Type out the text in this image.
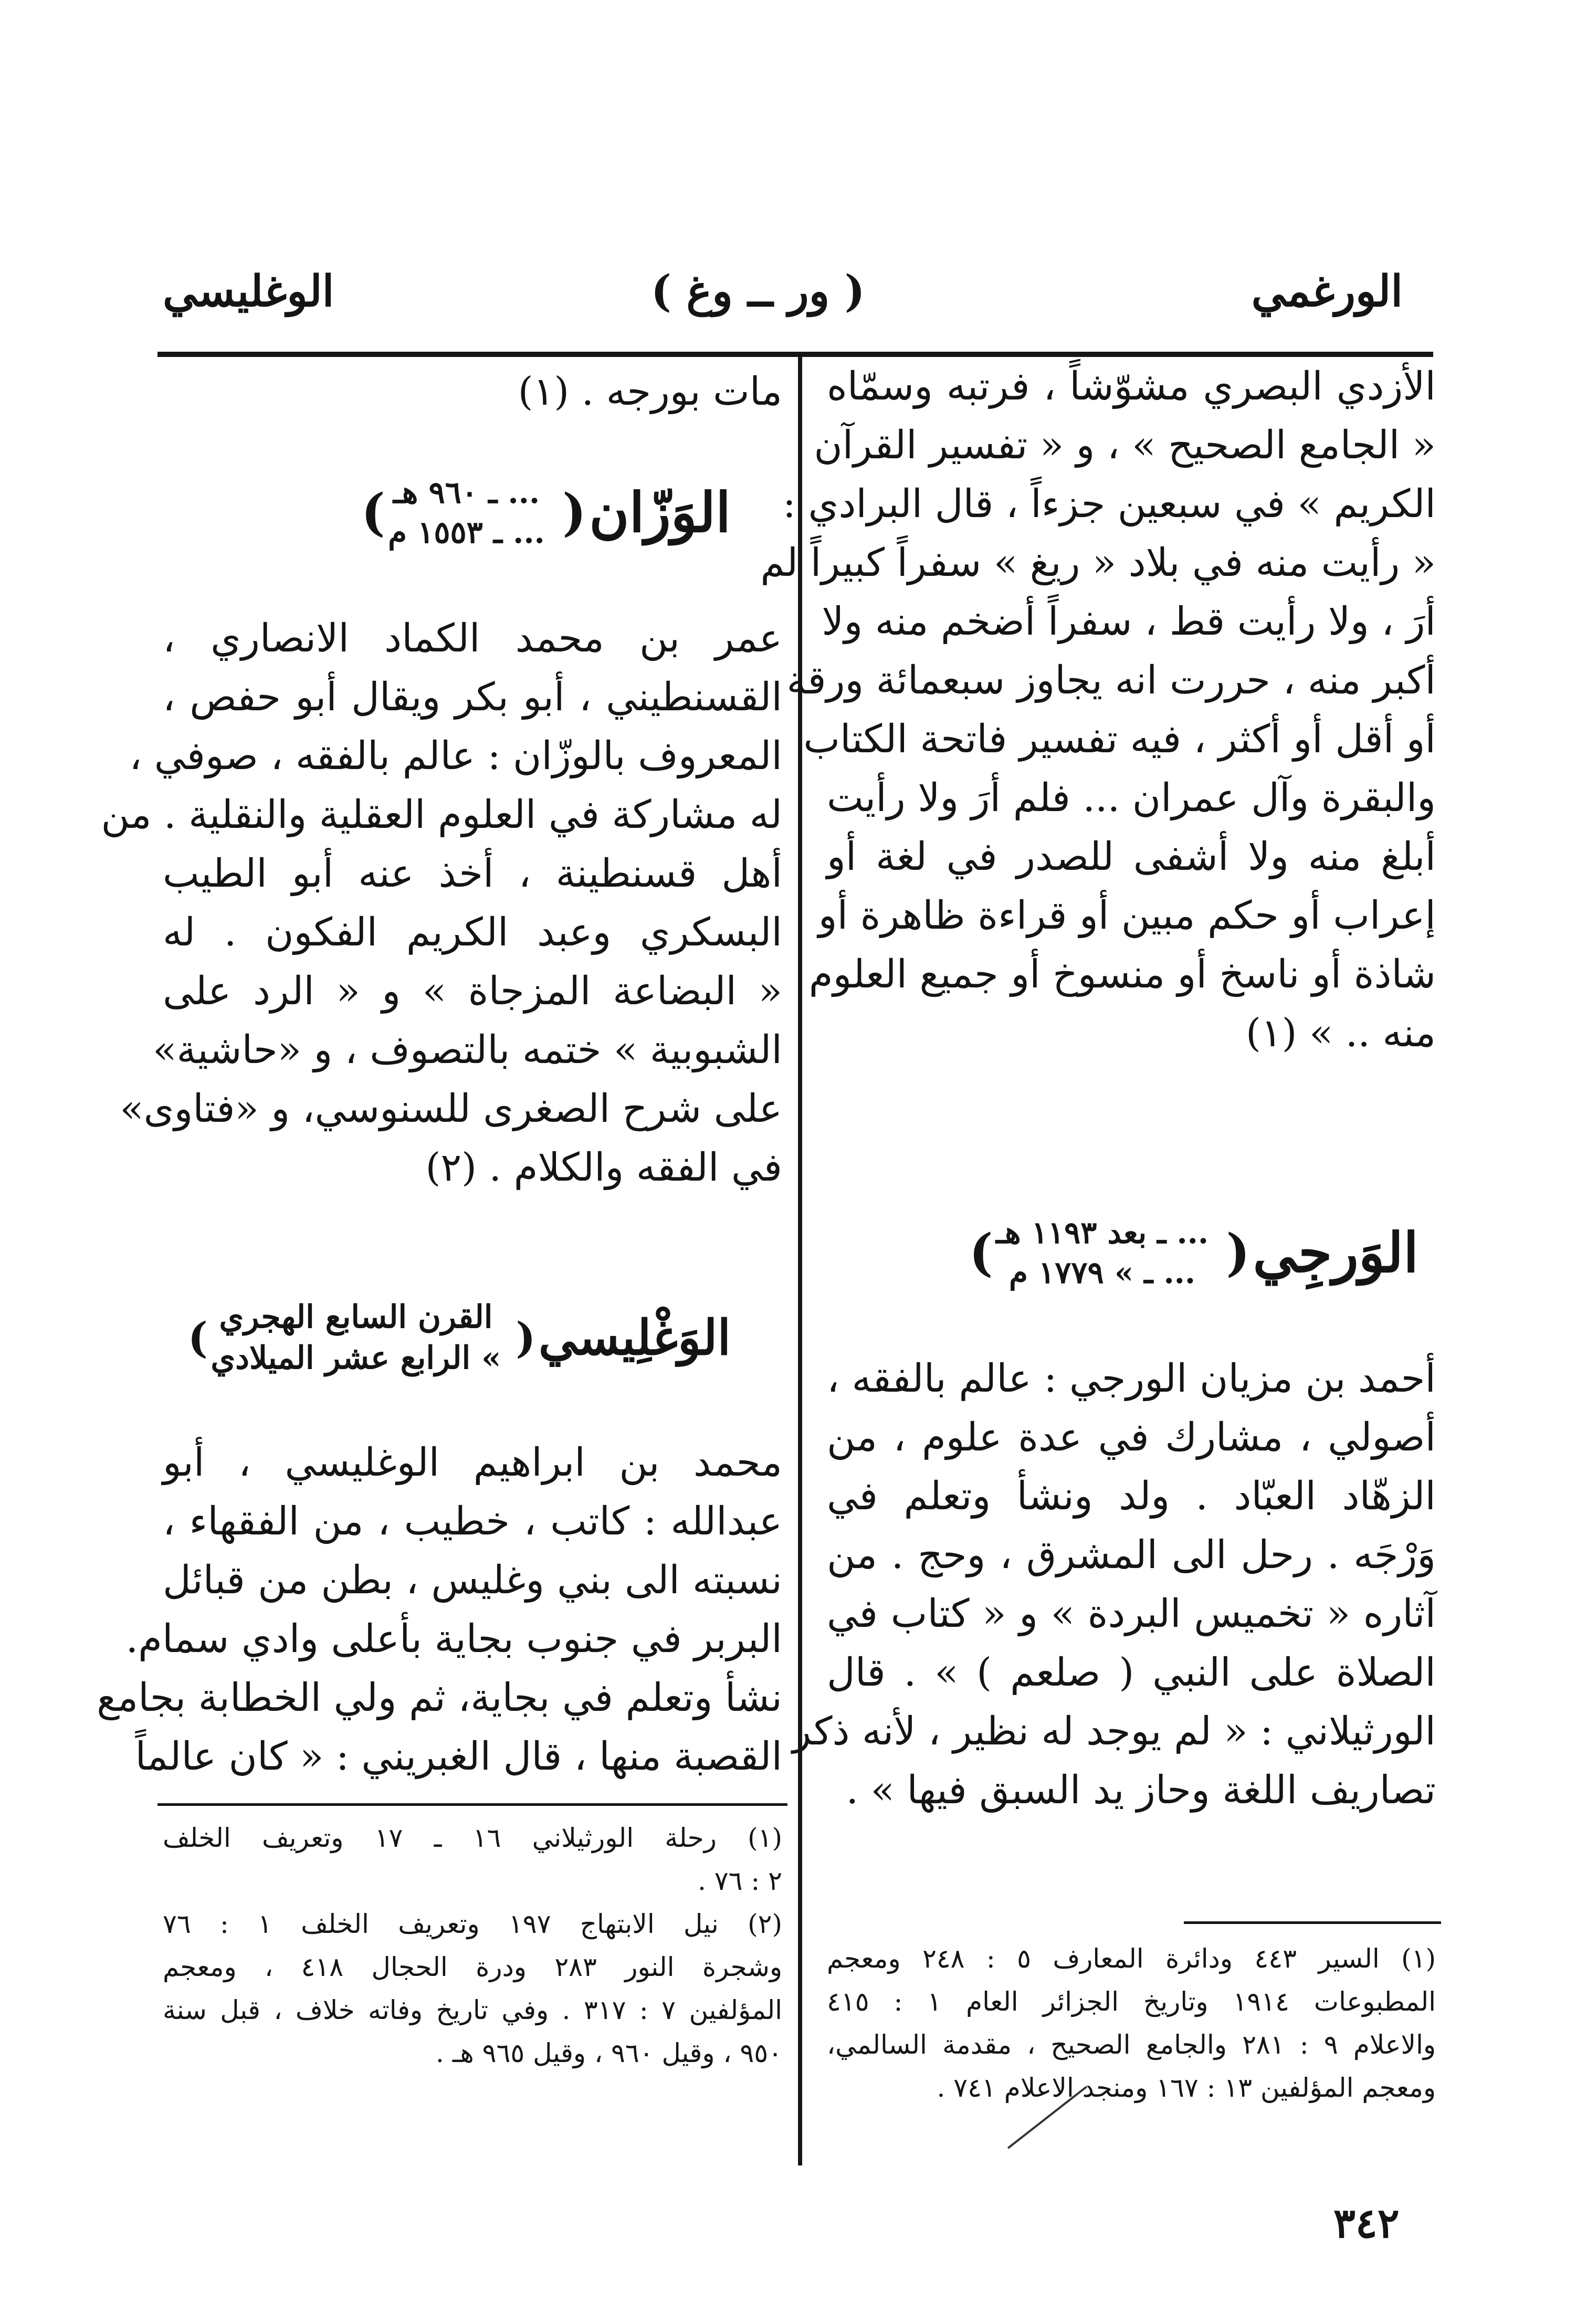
الورغمي
( ور ــ وغ )
الوغليسي
الأزدي البصري مشوّشاً ، فرتبه وسمّاه
« الجامع الصحيح » ، و « تفسير القرآن
الكريم » في سبعين جزءاً ، قال البرادي :
« رأيت منه في بلاد « ريغ » سفراً كبيراً لم
أرَ ، ولا رأيت قط ، سفراً أضخم منه ولا
أكبر منه ، حررت انه يجاوز سبعمائة ورقة
أو أقل أو أكثر ، فيه تفسير فاتحة الكتاب
والبقرة وآل عمران ... فلم أرَ ولا رأيت
أبلغ منه ولا أشفى للصدر في لغة أو
إعراب أو حكم مبين أو قراءة ظاهرة أو
شاذة أو ناسخ أو منسوخ أو جميع العلوم
منه .. » (١)
الوَرجِي (
... ـ بعد ١١٩٣ هـ
... ـ » ١٧٧٩ م
)
أحمد بن مزيان الورجي : عالم بالفقه ،
أصولي ، مشارك في عدة علوم ، من
الزهّاد العبّاد . ولد ونشأ وتعلم في
وَرْجَه . رحل الى المشرق ، وحج . من
آثاره « تخميس البردة » و « كتاب في
الصلاة على النبي ( صلعم ) » . قال
الورثيلاني : « لم يوجد له نظير ، لأنه ذكر
تصاريف اللغة وحاز يد السبق فيها » .
(١) السير ٤٤٣ ودائرة المعارف ٥ : ٢٤٨ ومعجم
المطبوعات ١٩١٤ وتاريخ الجزائر العام ١ : ٤١٥
والاعلام ٩ : ٢٨١ والجامع الصحيح ، مقدمة السالمي،
ومعجم المؤلفين ١٣ : ١٦٧ ومنجد الاعلام ٧٤١ .
مات بورجه . (١)
الوَزّان (
... ـ ٩٦٠ هـ
... ـ ١٥٥٣ م
)
عمر بن محمد الكماد الانصاري ،
القسنطيني ، أبو بكر ويقال أبو حفص ،
المعروف بالوزّان : عالم بالفقه ، صوفي ،
له مشاركة في العلوم العقلية والنقلية . من
أهل قسنطينة ، أخذ عنه أبو الطيب
البسكري وعبد الكريم الفكون . له
« البضاعة المزجاة » و « الرد على
الشبوبية » ختمه بالتصوف ، و «حاشية»
على شرح الصغرى للسنوسي، و «فتاوى»
في الفقه والكلام . (٢)
الوَغْلِيسي (
القرن السابع الهجري
» الرابع عشر الميلادي
)
محمد بن ابراهيم الوغليسي ، أبو
عبدالله : كاتب ، خطيب ، من الفقهاء ،
نسبته الى بني وغليس ، بطن من قبائل
البربر في جنوب بجاية بأعلى وادي سمام.
نشأ وتعلم في بجاية، ثم ولي الخطابة بجامع
القصبة منها ، قال الغبريني : « كان عالماً
(١) رحلة الورثيلاني ١٦ ـ ١٧ وتعريف الخلف
٢ : ٧٦ .
(٢) نيل الابتهاج ١٩٧ وتعريف الخلف ١ : ٧٦
وشجرة النور ٢٨٣ ودرة الحجال ٤١٨ ، ومعجم
المؤلفين ٧ : ٣١٧ . وفي تاريخ وفاته خلاف ، قبل سنة
٩٥٠ ، وقيل ٩٦٠ ، وقيل ٩٦٥ هـ .
٣٤٢
